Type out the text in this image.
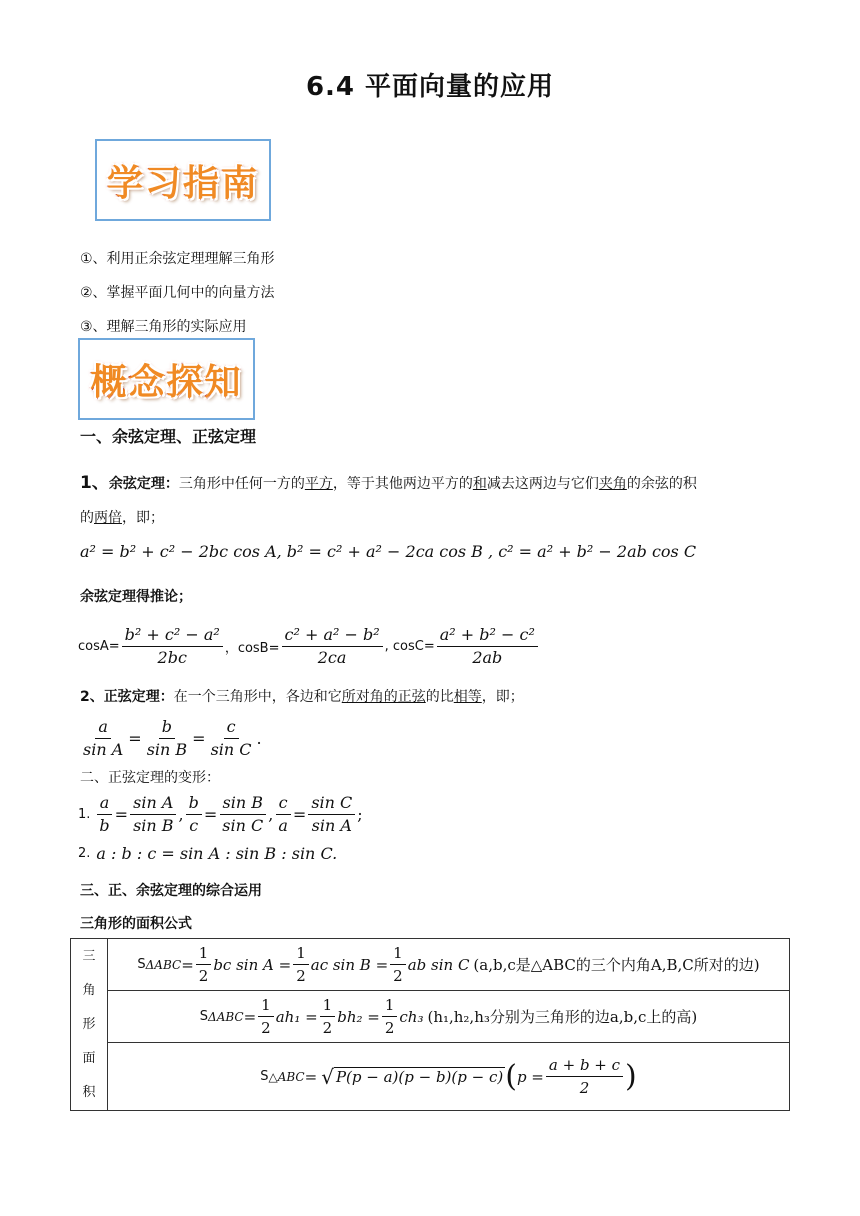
6.4 平面向量的应用
学习指南
①、利用正余弦定理理解三角形
②、掌握平面几何中的向量方法
③、理解三角形的实际应用
概念探知
一、余弦定理、正弦定理
1、余弦定理：三角形中任何一方的平方，等于其他两边平方的和减去这两边与它们夹角的余弦的积
的两倍，即；
a² = b² + c² − 2bc cos A, b² = c² + a² − 2ca cos B , c² = a² + b² − 2ab cos C
余弦定理得推论；
$\cos A= \frac{\text{b² + c² − a²}}{2bc}$ ，$\cos B= \frac{\text{c² + a² − b²}}{2ca}$ , $\cos C= \frac{\text{a² + b² − c²}}{2ab}$
2、正弦定理：在一个三角形中，各边和它所对角的正弦的比相等，即；
$\frac{a}{\text{sin A}} = \frac{b}{\text{sin B}} = \frac{c}{\text{sin C}}$ .
二、正弦定理的变形：
1. $\frac{a}{b} = \frac{\text{sin A}}{\text{sin B}}$ , $\frac{b}{c} = \frac{\text{sin B}}{\text{sin C}}$ , $\frac{c}{a} = \frac{\text{sin C}}{\text{sin A}}$ ;
2. a : b : c = sin A : sin B : sin C.
三、正、余弦定理的综合运用
三角形的面积公式
三
角
形
面
积

S $\Delta ABC = \frac{1}{2}$ bc $\sin A = \frac{1}{2}$ ac $\sin B = \frac{1}{2}$ ab sin C (a,b,c是△ABC的三个内角A,B,C所对的边)

S $\Delta ABC = \frac{1}{2} ah_1 = \frac{1}{2} bh_2 = \frac{1}{2} ch_3$ (h₁,h₂,h₃分别为三角形的边a,b,c上的高)

S △ABC = √ P(p − a)(p − b)(p − c) ( $p = \frac{a + b + c}{2}$ )
